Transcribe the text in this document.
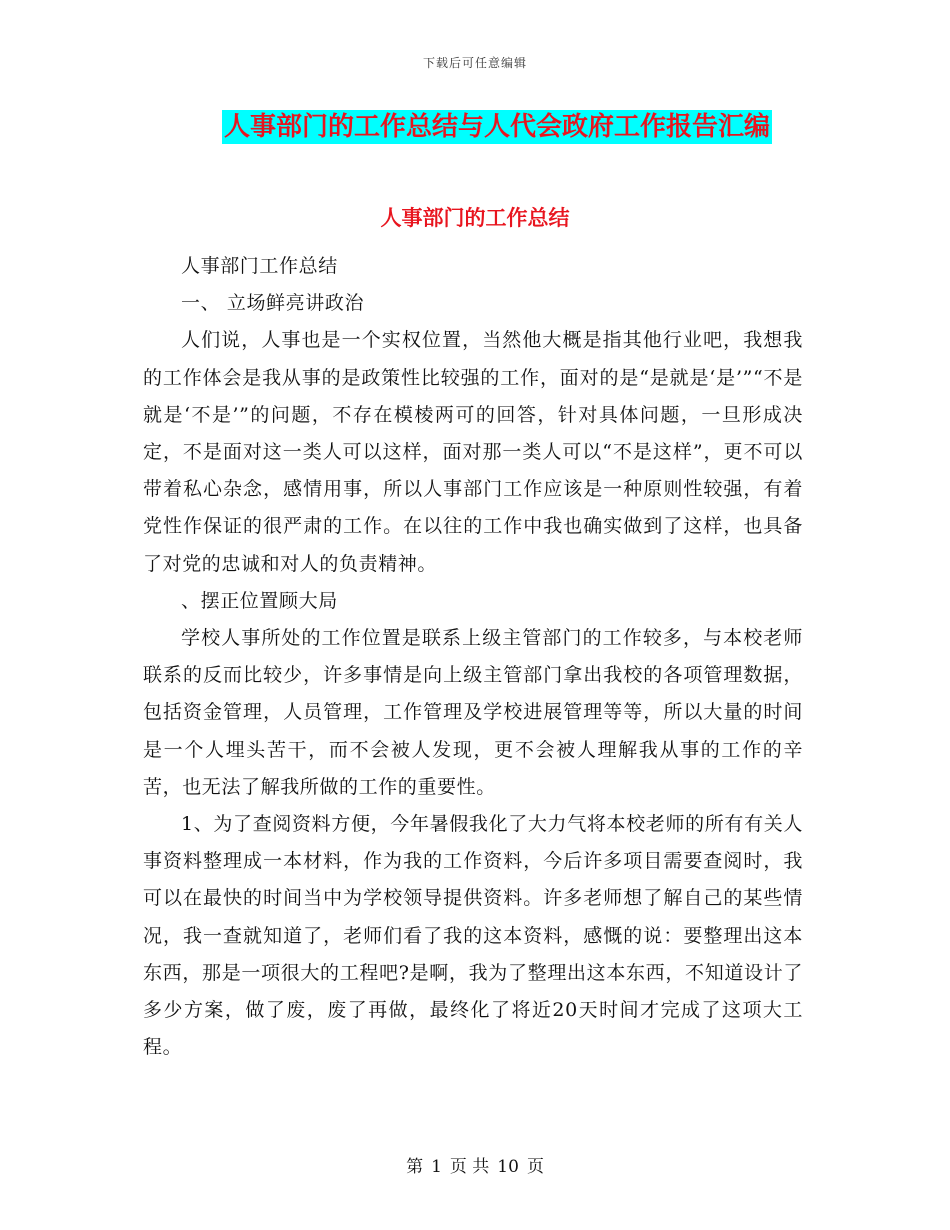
下载后可任意编辑
人事部门的工作总结与人代会政府工作报告汇编
人事部门的工作总结

人事部门工作总结

一、 立场鲜亮讲政治

人们说，人事也是一个实权位置，当然他大概是指其他行业吧，我想我的工作体会是我从事的是政策性比较强的工作，面对的是“是就是‘是’”“不是就是‘不是’”的问题，不存在模棱两可的回答，针对具体问题，一旦形成决定，不是面对这一类人可以这样，面对那一类人可以“不是这样”，更不可以带着私心杂念，感情用事，所以人事部门工作应该是一种原则性较强，有着党性作保证的很严肃的工作。在以往的工作中我也确实做到了这样，也具备了对党的忠诚和对人的负责精神。

、摆正位置顾大局

学校人事所处的工作位置是联系上级主管部门的工作较多，与本校老师联系的反而比较少，许多事情是向上级主管部门拿出我校的各项管理数据，包括资金管理，人员管理，工作管理及学校进展管理等等，所以大量的时间是一个人埋头苦干，而不会被人发现，更不会被人理解我从事的工作的辛苦，也无法了解我所做的工作的重要性。

1、为了查阅资料方便，今年暑假我化了大力气将本校老师的所有有关人事资料整理成一本材料，作为我的工作资料，今后许多项目需要查阅时，我可以在最快的时间当中为学校领导提供资料。许多老师想了解自己的某些情况，我一查就知道了，老师们看了我的这本资料，感慨的说：要整理出这本东西，那是一项很大的工程吧?是啊，我为了整理出这本东西，不知道设计了多少方案，做了废，废了再做，最终化了将近20天时间才完成了这项大工程。

第 1 页 共 10 页
